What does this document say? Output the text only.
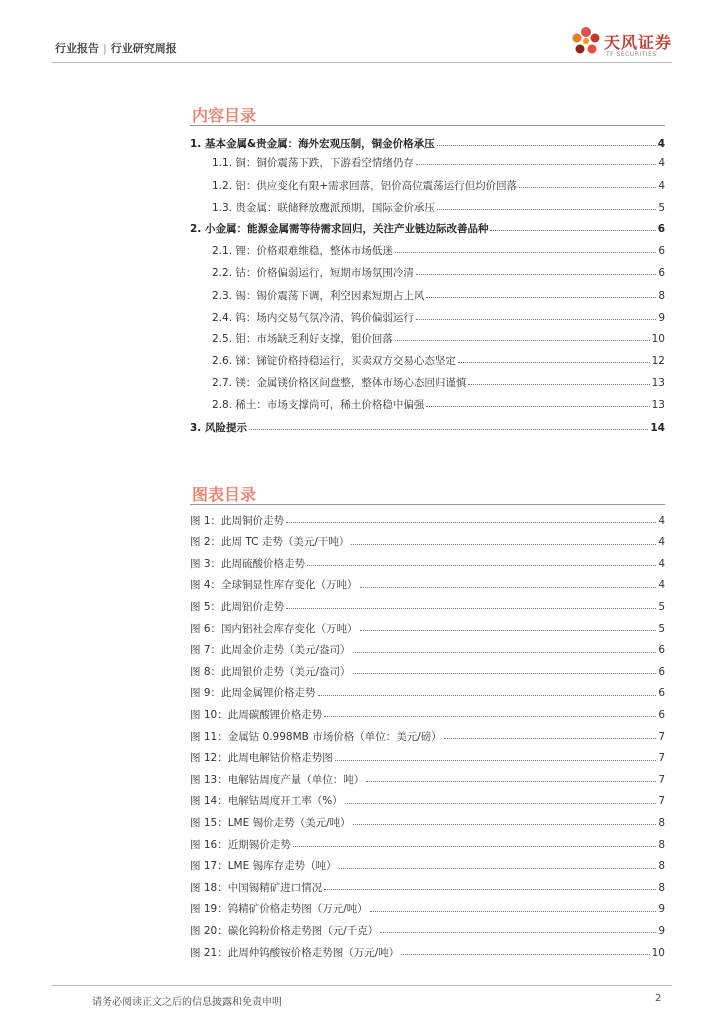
行业报告 | 行业研究周报	天风证券
TF SECURITIES
内容目录
1. 基本金属&贵金属：海外宏观压制，铜金价格承压	4
1.1. 铜：铜价震荡下跌，下游看空情绪仍存	4
1.2. 铝：供应变化有限+需求回落，铝价高位震荡运行但均价回落	4
1.3. 贵金属：联储释放鹰派预期，国际金价承压	5
2. 小金属：能源金属需等待需求回归，关注产业链边际改善品种	6
2.1. 锂：价格艰难维稳，整体市场低迷	6
2.2. 钴：价格偏弱运行，短期市场氛围冷清	6
2.3. 锡：锡价震荡下调，利空因素短期占上风	8
2.4. 钨：场内交易气氛冷清，钨价偏弱运行	9
2.5. 钼：市场缺乏利好支撑，钼价回落	10
2.6. 锑：锑锭价格持稳运行，买卖双方交易心态坚定	12
2.7. 镁：金属镁价格区间盘整，整体市场心态回归谨慎	13
2.8. 稀土：市场支撑尚可，稀土价格稳中偏强	13
3. 风险提示	14
图表目录
图 1：此周铜价走势	4
图 2：此周 TC 走势（美元/干吨）	4
图 3：此周硫酸价格走势	4
图 4：全球铜显性库存变化（万吨）	4
图 5：此周铝价走势	5
图 6：国内铝社会库存变化（万吨）	5
图 7：此周金价走势（美元/盎司）	6
图 8：此周银价走势（美元/盎司）	6
图 9：此周金属锂价格走势	6
图 10：此周碳酸锂价格走势	6
图 11：金属钴 0.998MB 市场价格（单位：美元/磅）	7
图 12：此周电解钴价格走势图	7
图 13：电解钴周度产量（单位：吨）	7
图 14：电解钴周度开工率（%）	7
图 15：LME 锡价走势（美元/吨）	8
图 16：近期锡价走势	8
图 17：LME 锡库存走势（吨）	8
图 18：中国锡精矿进口情况	8
图 19：钨精矿价格走势图（万元/吨）	9
图 20：碳化钨粉价格走势图（元/千克）	9
图 21：此周仲钨酸铵价格走势图（万元/吨）	10
请务必阅读正文之后的信息披露和免责申明	2
